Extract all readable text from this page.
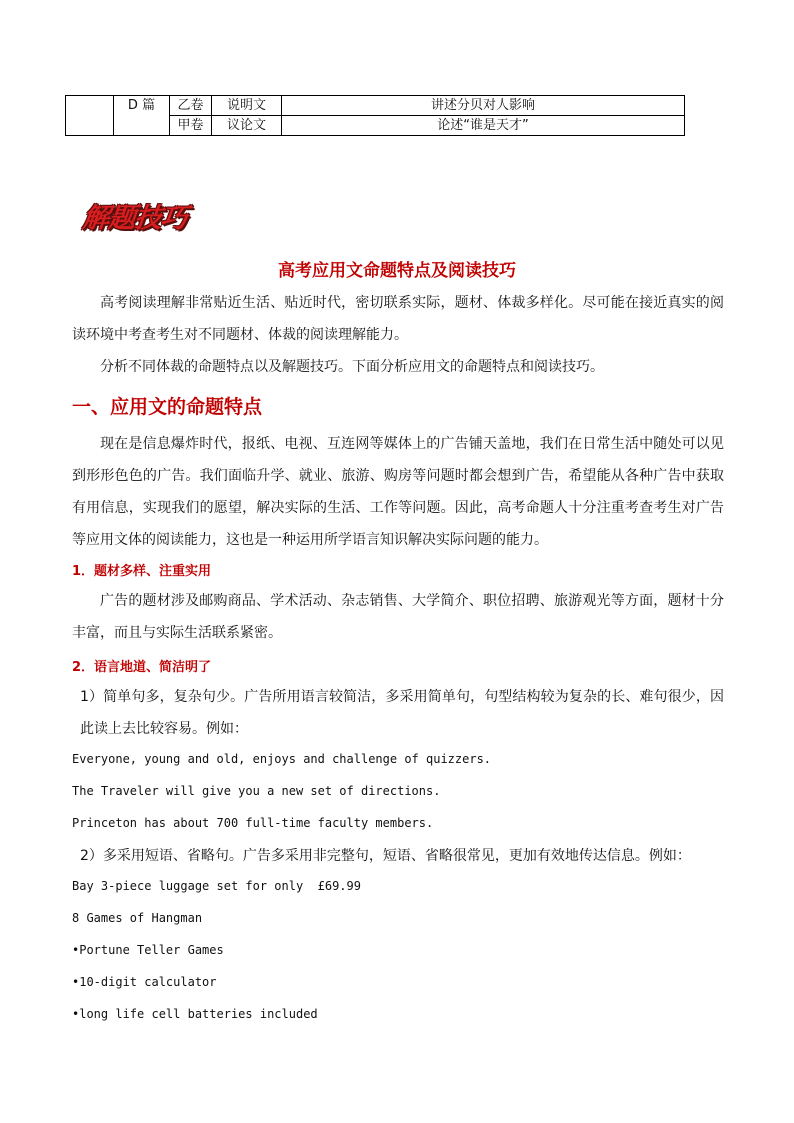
	D 篇	乙卷	说明文	讲述分贝对人影响
		甲卷	议论文	论述“谁是天才”
解题技巧
高考应用文命题特点及阅读技巧

高考阅读理解非常贴近生活、贴近时代，密切联系实际，题材、体裁多样化。尽可能在接近真实的阅读环境中考查考生对不同题材、体裁的阅读理解能力。

分析不同体裁的命题特点以及解题技巧。下面分析应用文的命题特点和阅读技巧。

一、应用文的命题特点

现在是信息爆炸时代，报纸、电视、互连网等媒体上的广告铺天盖地，我们在日常生活中随处可以见到形形色色的广告。我们面临升学、就业、旅游、购房等问题时都会想到广告，希望能从各种广告中获取有用信息，实现我们的愿望，解决实际的生活、工作等问题。因此，高考命题人十分注重考查考生对广告等应用文体的阅读能力，这也是一种运用所学语言知识解决实际问题的能力。

1．题材多样、注重实用

广告的题材涉及邮购商品、学术活动、杂志销售、大学简介、职位招聘、旅游观光等方面，题材十分丰富，而且与实际生活联系紧密。

2．语言地道、简洁明了

1）简单句多，复杂句少。广告所用语言较简洁，多采用简单句，句型结构较为复杂的长、难句很少，因此读上去比较容易。例如：

Everyone, young and old, enjoys and challenge of quizzers.
The Traveler will give you a new set of directions.
Princeton has about 700 full-time faculty members.

2）多采用短语、省略句。广告多采用非完整句，短语、省略很常见，更加有效地传达信息。例如：

Bay 3-piece luggage set for only  £69.99
8 Games of Hangman
•Portune Teller Games
•10-digit calculator
•long life cell batteries included
